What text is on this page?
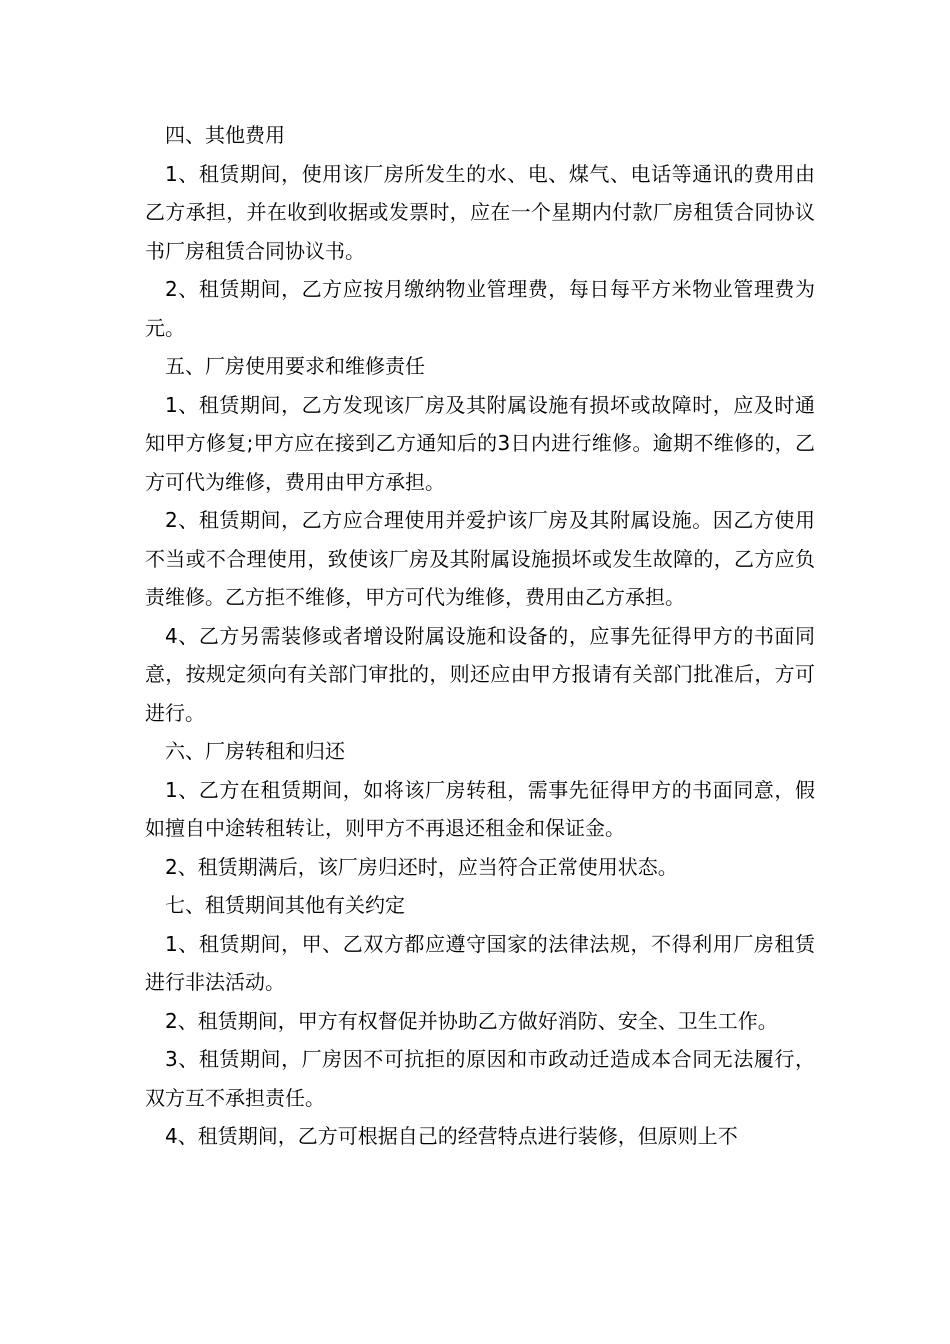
四、其他费用

1、租赁期间，使用该厂房所发生的水、电、煤气、电话等通讯的费用由乙方承担，并在收到收据或发票时，应在一个星期内付款厂房租赁合同协议书厂房租赁合同协议书。

2、租赁期间，乙方应按月缴纳物业管理费，每日每平方米物业管理费为元。

五、厂房使用要求和维修责任

1、租赁期间，乙方发现该厂房及其附属设施有损坏或故障时，应及时通知甲方修复;甲方应在接到乙方通知后的3日内进行维修。逾期不维修的，乙方可代为维修，费用由甲方承担。

2、租赁期间，乙方应合理使用并爱护该厂房及其附属设施。因乙方使用不当或不合理使用，致使该厂房及其附属设施损坏或发生故障的，乙方应负责维修。乙方拒不维修，甲方可代为维修，费用由乙方承担。

4、乙方另需装修或者增设附属设施和设备的，应事先征得甲方的书面同意，按规定须向有关部门审批的，则还应由甲方报请有关部门批准后，方可进行。

六、厂房转租和归还

1、乙方在租赁期间，如将该厂房转租，需事先征得甲方的书面同意，假如擅自中途转租转让，则甲方不再退还租金和保证金。

2、租赁期满后，该厂房归还时，应当符合正常使用状态。

七、租赁期间其他有关约定

1、租赁期间，甲、乙双方都应遵守国家的法律法规，不得利用厂房租赁进行非法活动。

2、租赁期间，甲方有权督促并协助乙方做好消防、安全、卫生工作。

3、租赁期间，厂房因不可抗拒的原因和市政动迁造成本合同无法履行，双方互不承担责任。

4、租赁期间，乙方可根据自己的经营特点进行装修，但原则上不
